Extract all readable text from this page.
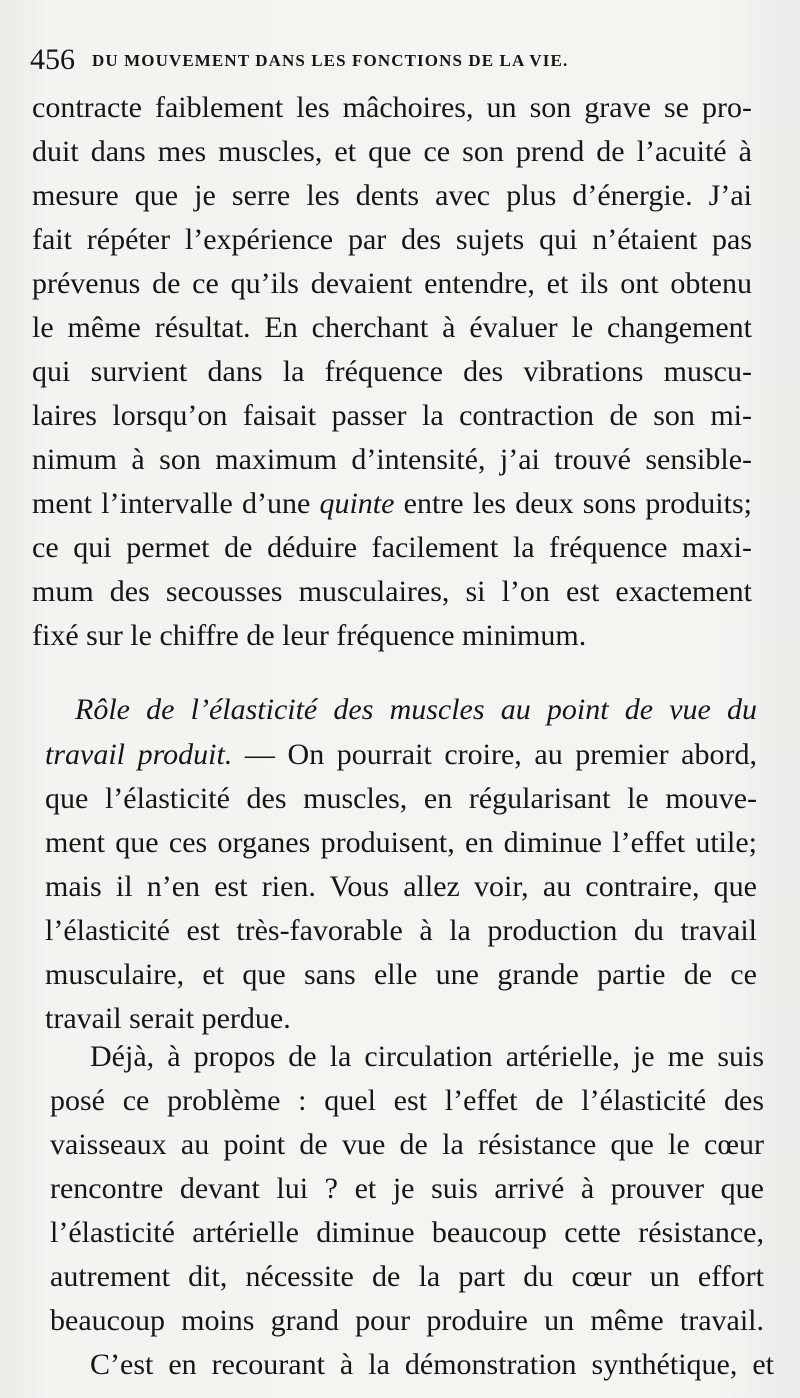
456 DU MOUVEMENT DANS LES FONCTIONS DE LA VIE.
contracte faiblement les mâchoires, un son grave se pro-
duit dans mes muscles, et que ce son prend de l’acuité à
mesure que je serre les dents avec plus d’énergie. J’ai
fait répéter l’expérience par des sujets qui n’étaient pas
prévenus de ce qu’ils devaient entendre, et ils ont obtenu
le même résultat. En cherchant à évaluer le changement
qui survient dans la fréquence des vibrations muscu-
laires lorsqu’on faisait passer la contraction de son mi-
nimum à son maximum d’intensité, j’ai trouvé sensible-
ment l’intervalle d’une quinte entre les deux sons produits;
ce qui permet de déduire facilement la fréquence maxi-
mum des secousses musculaires, si l’on est exactement
fixé sur le chiffre de leur fréquence minimum.
Rôle de l’élasticité des muscles au point de vue du
travail produit. — On pourrait croire, au premier abord,
que l’élasticité des muscles, en régularisant le mouve-
ment que ces organes produisent, en diminue l’effet utile;
mais il n’en est rien. Vous allez voir, au contraire, que
l’élasticité est très-favorable à la production du travail
musculaire, et que sans elle une grande partie de ce
travail serait perdue.
Déjà, à propos de la circulation artérielle, je me suis
posé ce problème : quel est l’effet de l’élasticité des
vaisseaux au point de vue de la résistance que le cœur
rencontre devant lui ? et je suis arrivé à prouver que
l’élasticité artérielle diminue beaucoup cette résistance,
autrement dit, nécessite de la part du cœur un effort
beaucoup moins grand pour produire un même travail.
C’est en recourant à la démonstration synthétique, et
